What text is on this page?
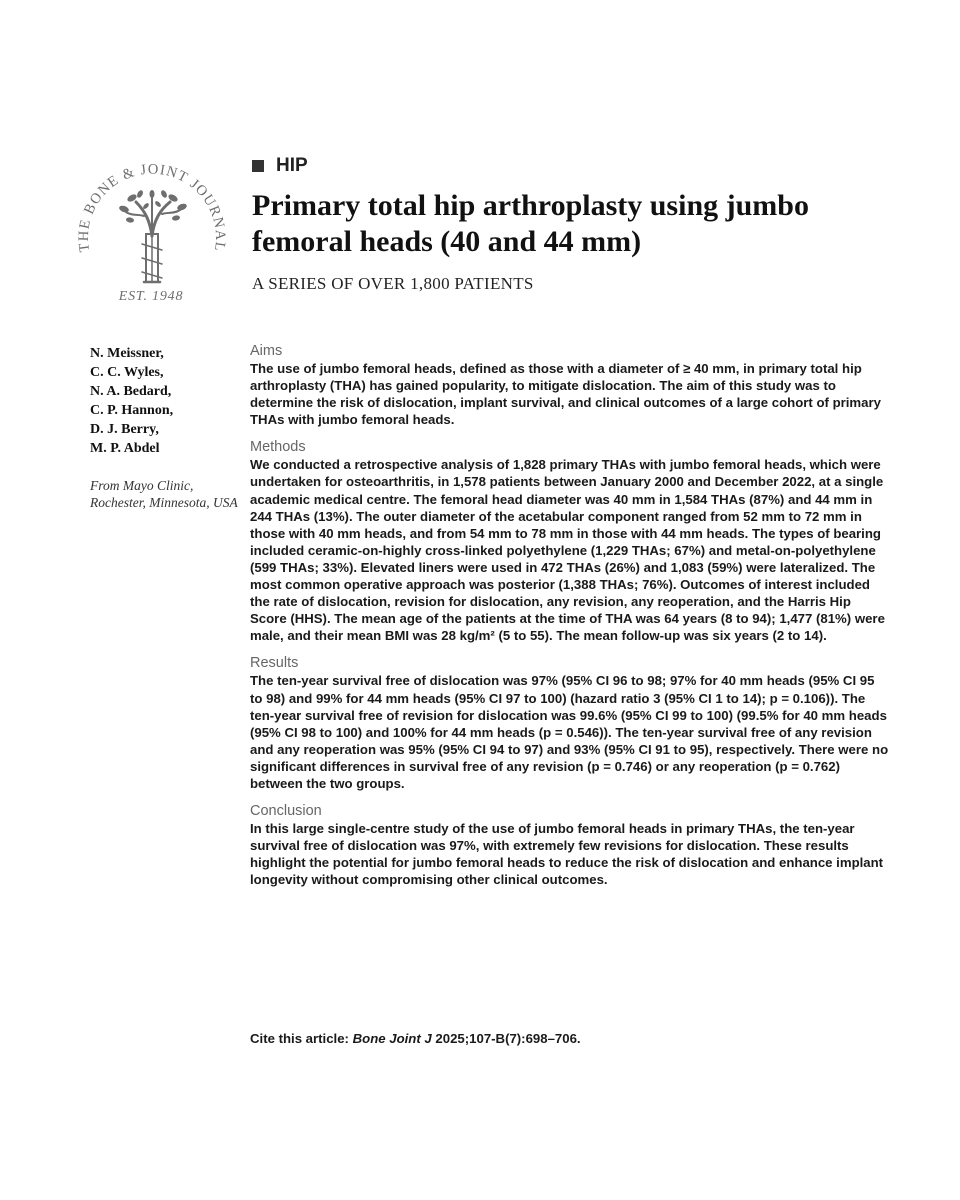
THE BONE & JOINT JOURNAL
EST. 1948
HIP
Primary total hip arthroplasty using jumbo femoral heads (40 and 44 mm)
A SERIES OF OVER 1,800 PATIENTS
N. Meissner,
C. C. Wyles,
N. A. Bedard,
C. P. Hannon,
D. J. Berry,
M. P. Abdel
From Mayo Clinic, Rochester, Minnesota, USA
Aims

The use of jumbo femoral heads, defined as those with a diameter of ≥ 40 mm, in primary total hip arthroplasty (THA) has gained popularity, to mitigate dislocation. The aim of this study was to determine the risk of dislocation, implant survival, and clinical outcomes of a large cohort of primary THAs with jumbo femoral heads.

Methods

We conducted a retrospective analysis of 1,828 primary THAs with jumbo femoral heads, which were undertaken for osteoarthritis, in 1,578 patients between January 2000 and December 2022, at a single academic medical centre. The femoral head diameter was 40 mm in 1,584 THAs (87%) and 44 mm in 244 THAs (13%). The outer diameter of the acetabular component ranged from 52 mm to 72 mm in those with 40 mm heads, and from 54 mm to 78 mm in those with 44 mm heads. The types of bearing included ceramic-on-highly cross-linked polyethylene (1,229 THAs; 67%) and metal-on-polyethylene (599 THAs; 33%). Elevated liners were used in 472 THAs (26%) and 1,083 (59%) were lateralized. The most common operative approach was posterior (1,388 THAs; 76%). Outcomes of interest included the rate of dislocation, revision for dislocation, any revision, any reoperation, and the Harris Hip Score (HHS). The mean age of the patients at the time of THA was 64 years (8 to 94); 1,477 (81%) were male, and their mean BMI was 28 kg/m² (5 to 55). The mean follow-up was six years (2 to 14).

Results

The ten-year survival free of dislocation was 97% (95% CI 96 to 98; 97% for 40 mm heads (95% CI 95 to 98) and 99% for 44 mm heads (95% CI 97 to 100) (hazard ratio 3 (95% CI 1 to 14); p = 0.106)). The ten-year survival free of revision for dislocation was 99.6% (95% CI 99 to 100) (99.5% for 40 mm heads (95% CI 98 to 100) and 100% for 44 mm heads (p = 0.546)). The ten-year survival free of any revision and any reoperation was 95% (95% CI 94 to 97) and 93% (95% CI 91 to 95), respectively. There were no significant differences in survival free of any revision (p = 0.746) or any reoperation (p = 0.762) between the two groups.

Conclusion

In this large single-centre study of the use of jumbo femoral heads in primary THAs, the ten-year survival free of dislocation was 97%, with extremely few revisions for dislocation. These results highlight the potential for jumbo femoral heads to reduce the risk of dislocation and enhance implant longevity without compromising other clinical outcomes.

Cite this article: Bone Joint J 2025;107-B(7):698–706.
